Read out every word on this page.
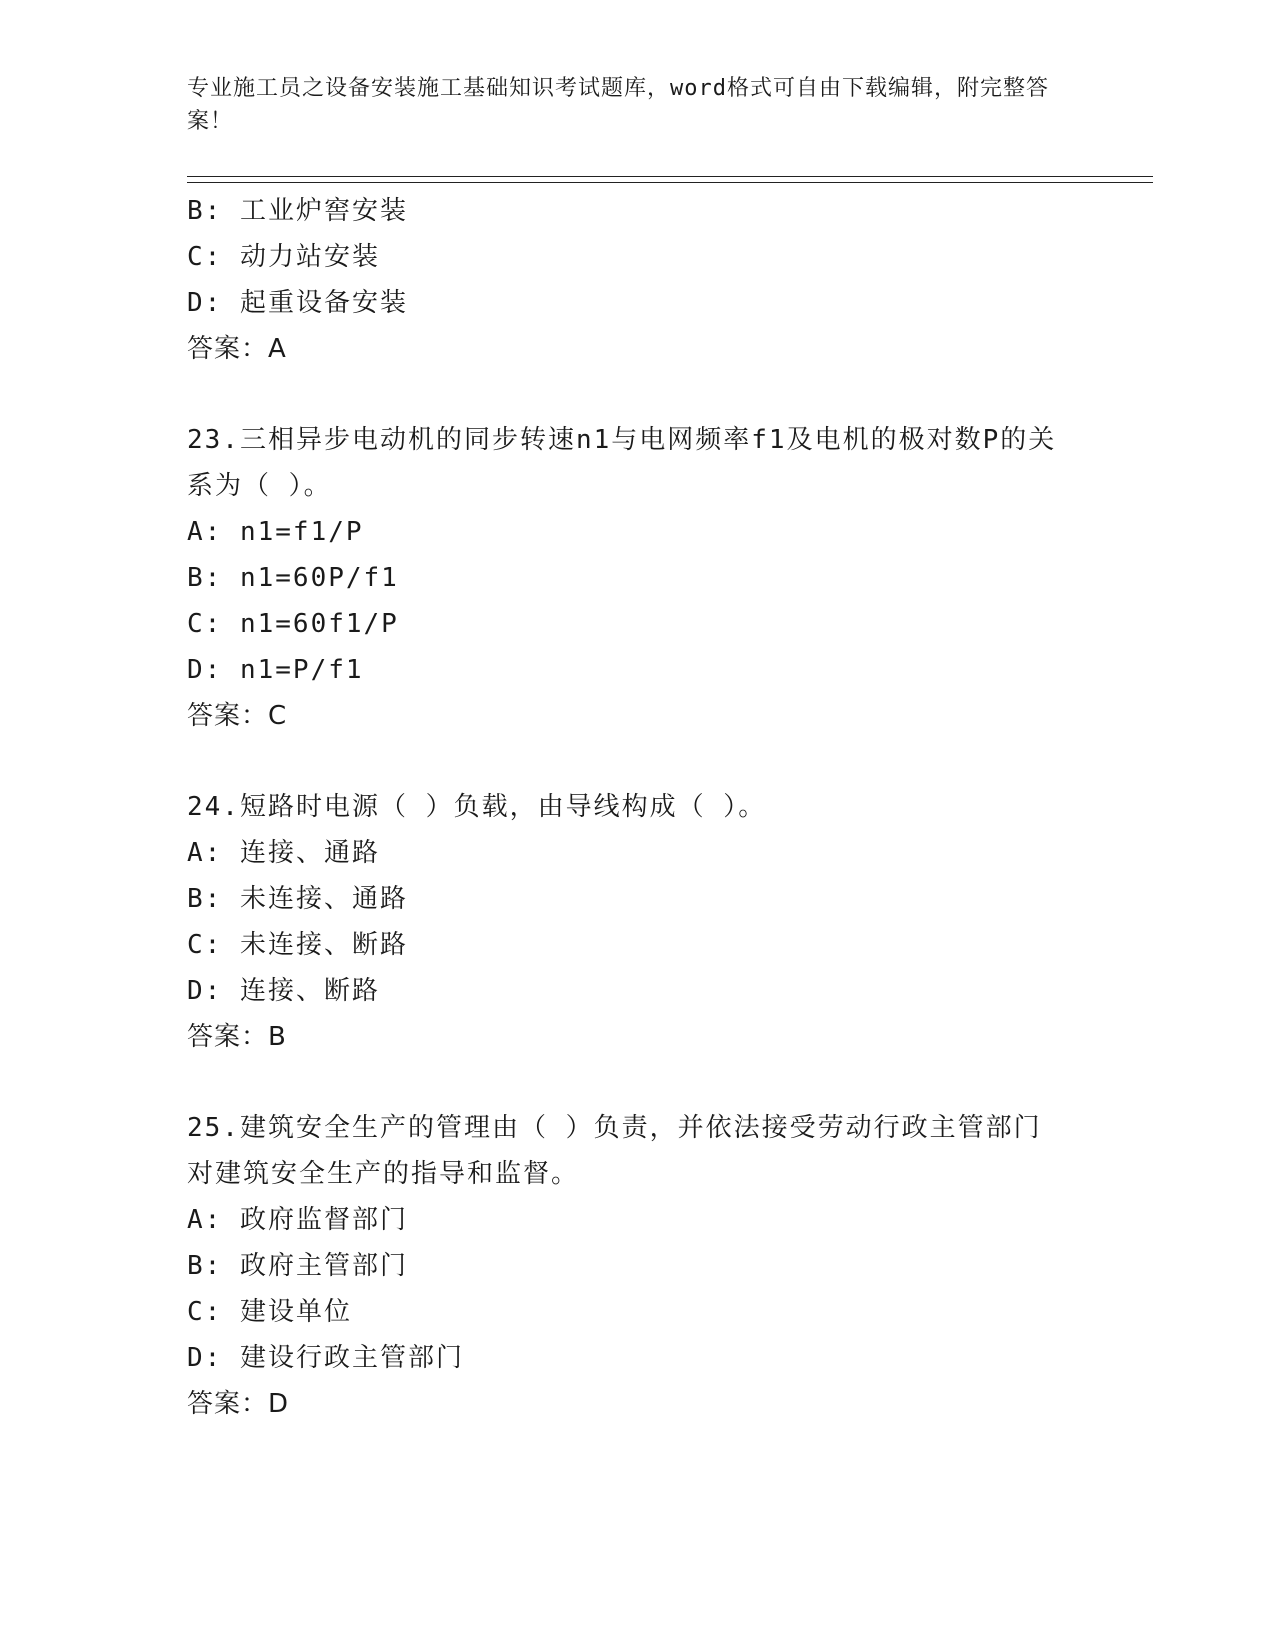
专业施工员之设备安装施工基础知识考试题库，word格式可自由下载编辑，附完整答案！
B: 工业炉窖安装
C: 动力站安装
D: 起重设备安装
答案：A
23.三相异步电动机的同步转速n1与电网频率f1及电机的极对数P的关系为（ ）。
A: n1=f1/P
B: n1=60P/f1
C: n1=60f1/P
D: n1=P/f1
答案：C
24.短路时电源（ ）负载，由导线构成（ ）。
A: 连接、通路
B: 未连接、通路
C: 未连接、断路
D: 连接、断路
答案：B
25.建筑安全生产的管理由（ ）负责，并依法接受劳动行政主管部门对建筑安全生产的指导和监督。
A: 政府监督部门
B: 政府主管部门
C: 建设单位
D: 建设行政主管部门
答案：D
